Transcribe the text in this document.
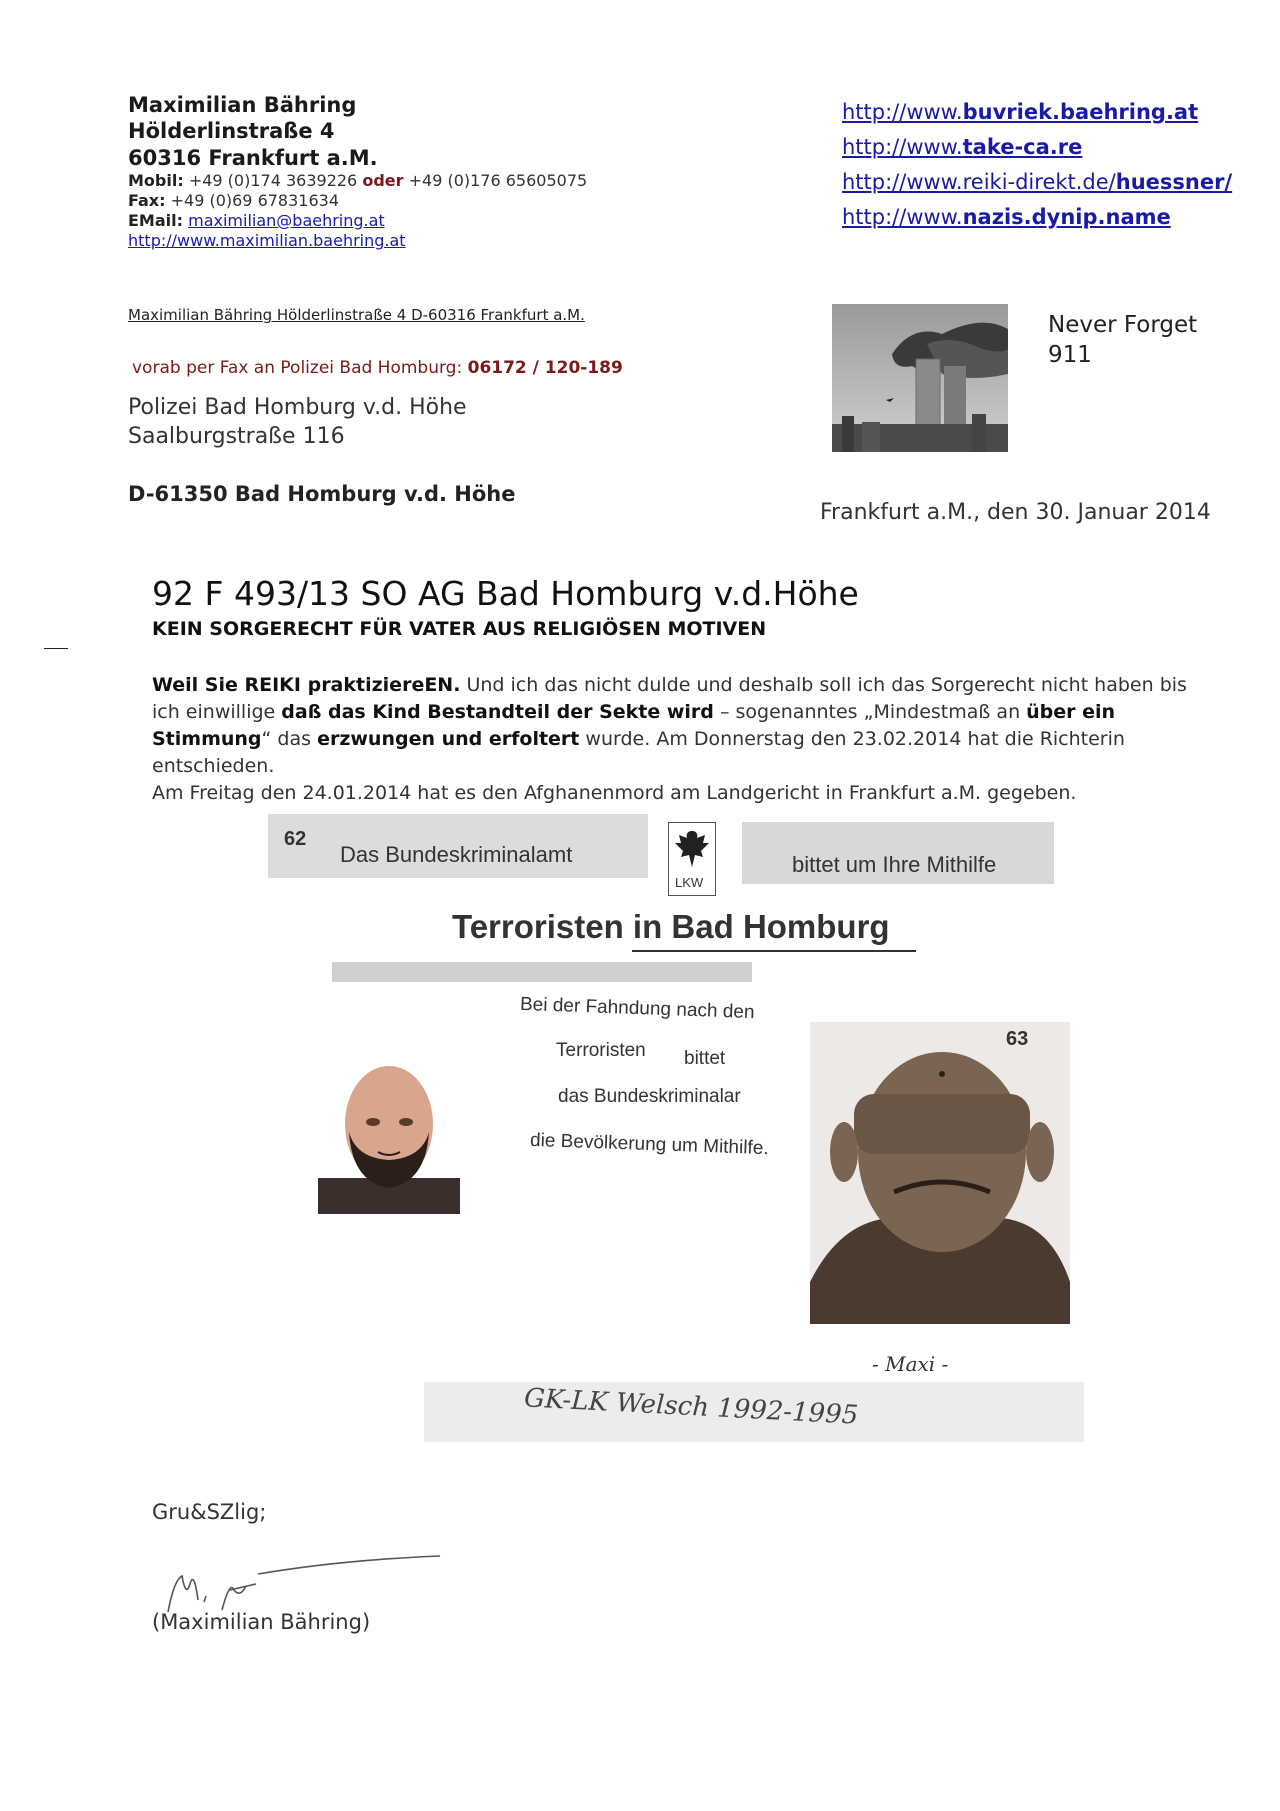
Maximilian Bähring
Hölderlinstraße 4
60316 Frankfurt a.M.
Mobil: +49 (0)174 3639226 oder +49 (0)176 65605075
Fax: +49 (0)69 67831634
EMail: maximilian@baehring.at
http://www.maximilian.baehring.at
http://www.buvriek.baehring.at
http://www.take-ca.re
http://www.reiki-direkt.de/huessner/
http://www.nazis.dynip.name
Maximilian Bähring Hölderlinstraße 4 D-60316 Frankfurt a.M.
vorab per Fax an Polizei Bad Homburg: 06172 / 120-189
Polizei Bad Homburg v.d. Höhe
Saalburgstraße 116
D-61350 Bad Homburg v.d. Höhe
Never Forget
911
Frankfurt a.M., den 30. Januar 2014
92 F 493/13 SO AG Bad Homburg v.d.Höhe
KEIN SORGERECHT FÜR VATER AUS RELIGIÖSEN MOTIVEN

Weil Sie REIKI praktiziereEN. Und ich das nicht dulde und deshalb soll ich das Sorgerecht nicht haben bis ich einwillige daß das Kind Bestandteil der Sekte wird – sogenanntes „Mindestmaß an über ein Stimmung“ das erzwungen und erfoltert wurde. Am Donnerstag den 23.02.2014 hat die Richterin entschieden.

Am Freitag den 24.01.2014 hat es den Afghanenmord am Landgericht in Frankfurt a.M. gegeben.

62
Das Bundeskriminalamt
LKW
bittet um Ihre Mithilfe
Terroristen in Bad Homburg
Bei der Fahndung nach den
Terroristen bittet
das Bundeskriminalar
die Bevölkerung um Mithilfe.
63
- Maxi -
GK-LK Welsch 1992-1995
Gru&SZlig;
(Maximilian Bähring)
